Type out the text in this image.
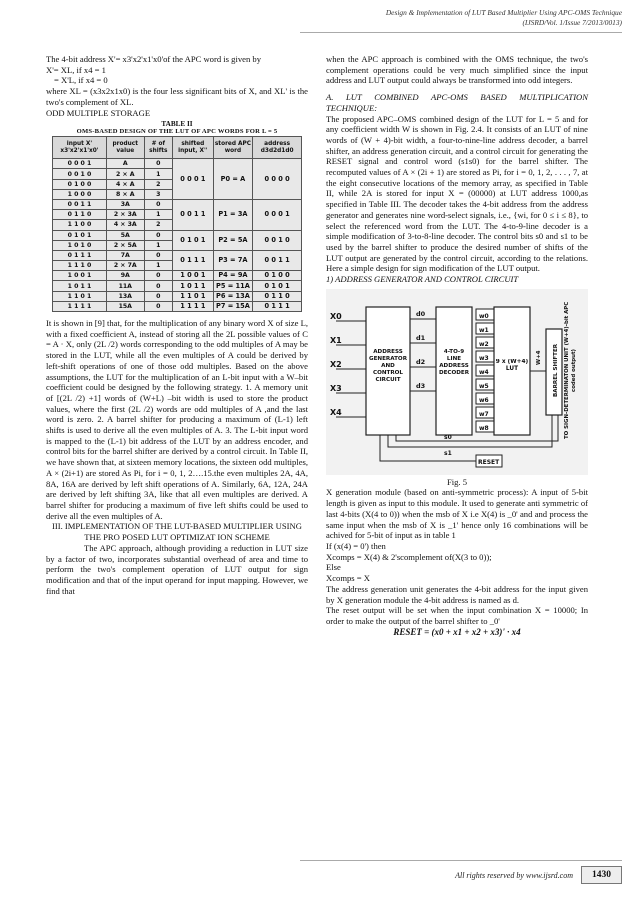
Design & Implementation of LUT Based Multiplier Using APC-OMS Technique
(IJSRD/Vol. 1/Issue 7/2013/0013)

The 4-bit address X'= x3'x2'x1'x0'of the APC word is given by

X'= XL, if x4 = 1

= X'L, if x4 = 0

where XL = (x3x2x1x0) is the four less significant bits of X, and XL' is the two's complement of XL.

ODD MULTIPLE STORAGE

TABLE II
OMS-BASED DESIGN OF THE LUT OF APC WORDS FOR L = 5
input X' x3'x2'x1'x0'	product value	# of shifts	shifted input, X''	stored APC word	address d3d2d1d0
0 0 0 1	A	0	0 0 0 1	P0 = A	0 0 0 0
0 0 1 0	2 × A	1			
0 1 0 0	4 × A	2			
1 0 0 0	8 × A	3			
0 0 1 1	3A	0	0 0 1 1	P1 = 3A	0 0 0 1
0 1 1 0	2 × 3A	1			
1 1 0 0	4 × 3A	2			
0 1 0 1	5A	0	0 1 0 1	P2 = 5A	0 0 1 0
1 0 1 0	2 × 5A	1			
0 1 1 1	7A	0	0 1 1 1	P3 = 7A	0 0 1 1
1 1 1 0	2 × 7A	1			
1 0 0 1	9A	0	1 0 0 1	P4 = 9A	0 1 0 0
1 0 1 1	11A	0	1 0 1 1	P5 = 11A	0 1 0 1
1 1 0 1	13A	0	1 1 0 1	P6 = 13A	0 1 1 0
1 1 1 1	15A	0	1 1 1 1	P7 = 15A	0 1 1 1

It is shown in [9] that, for the multiplication of any binary word X of size L, with a fixed coefficient A, instead of storing all the 2L possible values of C = A · X, only (2L /2) words corresponding to the odd multiples of A may be stored in the LUT, while all the even multiples of A could be derived by left-shift operations of one of those odd multiples. Based on the above assumptions, the LUT for the multiplication of an L-bit input with a W–bit coefficient could be designed by the following strategy. 1. A memory unit of [(2L /2) +1] words of (W+L) –bit width is used to store the product values, where the first (2L /2) words are odd multiples of A ,and the last word is zero. 2. A barrel shifter for producing a maximum of (L-1) left shifts is used to derive all the even multiples of A. 3. The L-bit input word is mapped to the (L-1) bit address of the LUT by an address encoder, and control bits for the barrel shifter are derived by a control circuit. In Table II, we have shown that, at sixteen memory locations, the sixteen odd multiples, A × (2i+1) are stored As Pi, for i = 0, 1, 2….15.the even multiples 2A, 4A, 8A, 16A are derived by left shift operations of A. Similarly, 6A, 12A, 24A are derived by left shifting 3A, like that all even multiples are derived. A barrel shifter for producing a maximum of five left shifts could be used to derive all the even multiples of A.

III. IMPLEMENTATION OF THE LUT-BASED MULTIPLIER USING THE PRO POSED LUT OPTIMIZAT ION SCHEME

The APC approach, although providing a reduction in LUT size by a factor of two, incorporates substantial overhead of area and time to perform the two's complement operation of LUT output for sign modification and that of the input operand for input mapping. However, we find that

when the APC approach is combined with the OMS technique, the two's complement operations could be very much simplified since the input address and LUT output could always be transformed into odd integers.

A. LUT COMBINED APC-OMS BASED MULTIPLICATION TECHNIQUE:

The proposed APC–OMS combined design of the LUT for L = 5 and for any coefficient width W is shown in Fig. 2.4. It consists of an LUT of nine words of (W + 4)-bit width, a four-to-nine-line address decoder, a barrel shifter, an address generation circuit, and a control circuit for generating the RESET signal and control word (s1s0) for the barrel shifter. The recomputed values of A × (2i + 1) are stored as Pi, for i = 0, 1, 2, . . . , 7, at the eight consecutive locations of the memory array, as specified in Table II, while 2A is stored for input X = (00000) at LUT address 1000,as specified in Table III. The decoder takes the 4-bit address from the address generator and generates nine word-select signals, i.e., {wi, for 0 ≤ i ≤ 8}, to select the referenced word from the LUT. The 4-to-9-line decoder is a simple modification of 3-to-8-line decoder. The control bits s0 and s1 to be used by the barrel shifter to produce the desired number of shifts of the LUT output are generated by the control circuit, according to the relations. Here a simple design for sign modification of the LUT output.

1) ADDRESS GENERATOR AND CONTROL CIRCUIT

X0
X1
X2
X3
X4
ADDRESS GENERATOR AND CONTROL CIRCUIT
d0
d1
d2
d3
4-TO-9 LINE ADDRESS DECODER
w0
w1
w2
w3
w4
w5
w6
w7
w8
9 x (W+4) LUT
W+4 BARREL SHIFTER TO SIGN-DETERMINATON UNIT (W+4)-bit APC coded output)
s0
s1
RESET

Fig. 5

X generation module (based on anti-symmetric process): A input of 5-bit length is given as input to this module. It used to generate anti symmetric of last 4-bits (X(4 to 0)) when the msb of X i.e X(4) is _0' and and process the same input when the msb of X is _1' hence only 16 combinations will be achived for 5-bit of input as in table 1

If (x(4) = 0') then

Xcomps = X(4) & 2'scomplement of(X(3 to 0));

Else

Xcomps = X

The address generation unit generates the 4-bit address for the input given by X generation module the 4-bit address is named as d.

The reset output will be set when the input combination X = 10000; In order to make the output of the barrel shifter to _0'

RESET = (x0 + x1 + x2 + x3)' · x4

All rights reserved by www.ijsrd.com	1430
